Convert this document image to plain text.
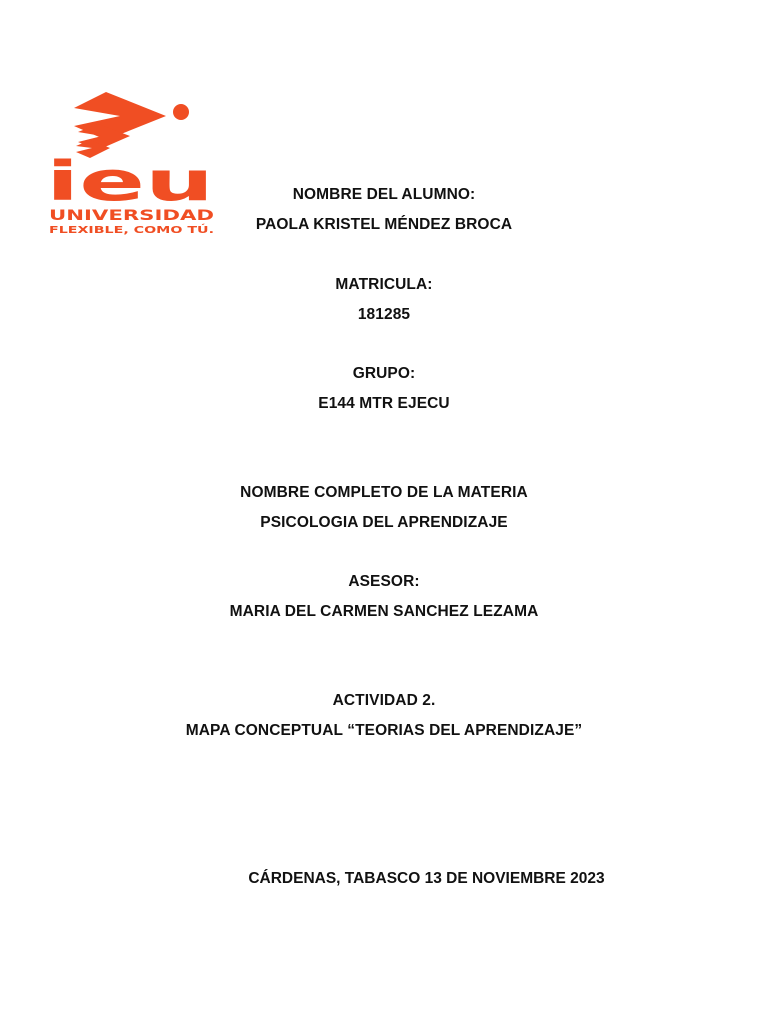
ieu
UNIVERSIDAD
FLEXIBLE, COMO TÚ.
NOMBRE DEL ALUMNO:
PAOLA KRISTEL MÉNDEZ BROCA
MATRICULA:
181285
GRUPO:
E144 MTR EJECU
NOMBRE COMPLETO DE LA MATERIA
PSICOLOGIA DEL APRENDIZAJE
ASESOR:
MARIA DEL CARMEN SANCHEZ LEZAMA
ACTIVIDAD 2.
MAPA CONCEPTUAL “TEORIAS DEL APRENDIZAJE”
CÁRDENAS, TABASCO 13 DE NOVIEMBRE 2023
